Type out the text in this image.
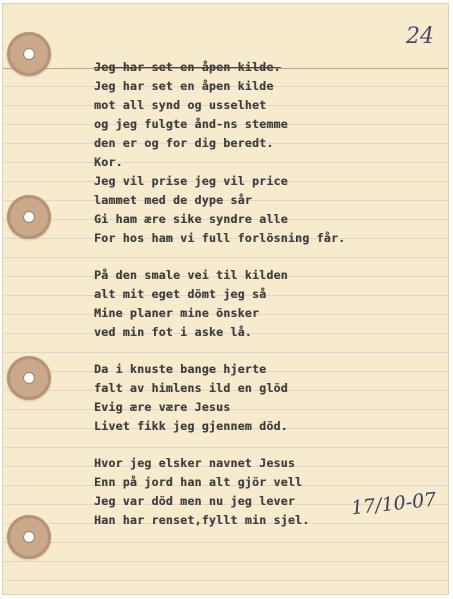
24
Jeg har set en åpen kilde.
Jeg har set en åpen kilde
mot all synd og usselhet
og jeg fulgte ånd-ns stemme
den er og for dig beredt.
Kor.
Jeg vil prise jeg vil price
lammet med de dype sår
Gi ham ære sike syndre alle
For hos ham vi full forlösning får.
På den smale vei til kilden
alt mit eget dömt jeg så
Mine planer mine önsker
ved min fot i aske lå.
Da i knuste bange hjerte
falt av himlens ild en glöd
Evig ære være Jesus
Livet fikk jeg gjennem död.
Hvor jeg elsker navnet Jesus
Enn på jord han alt gjör vell
Jeg var död men nu jeg lever
Han har renset,fyllt min sjel.
17/10-07
